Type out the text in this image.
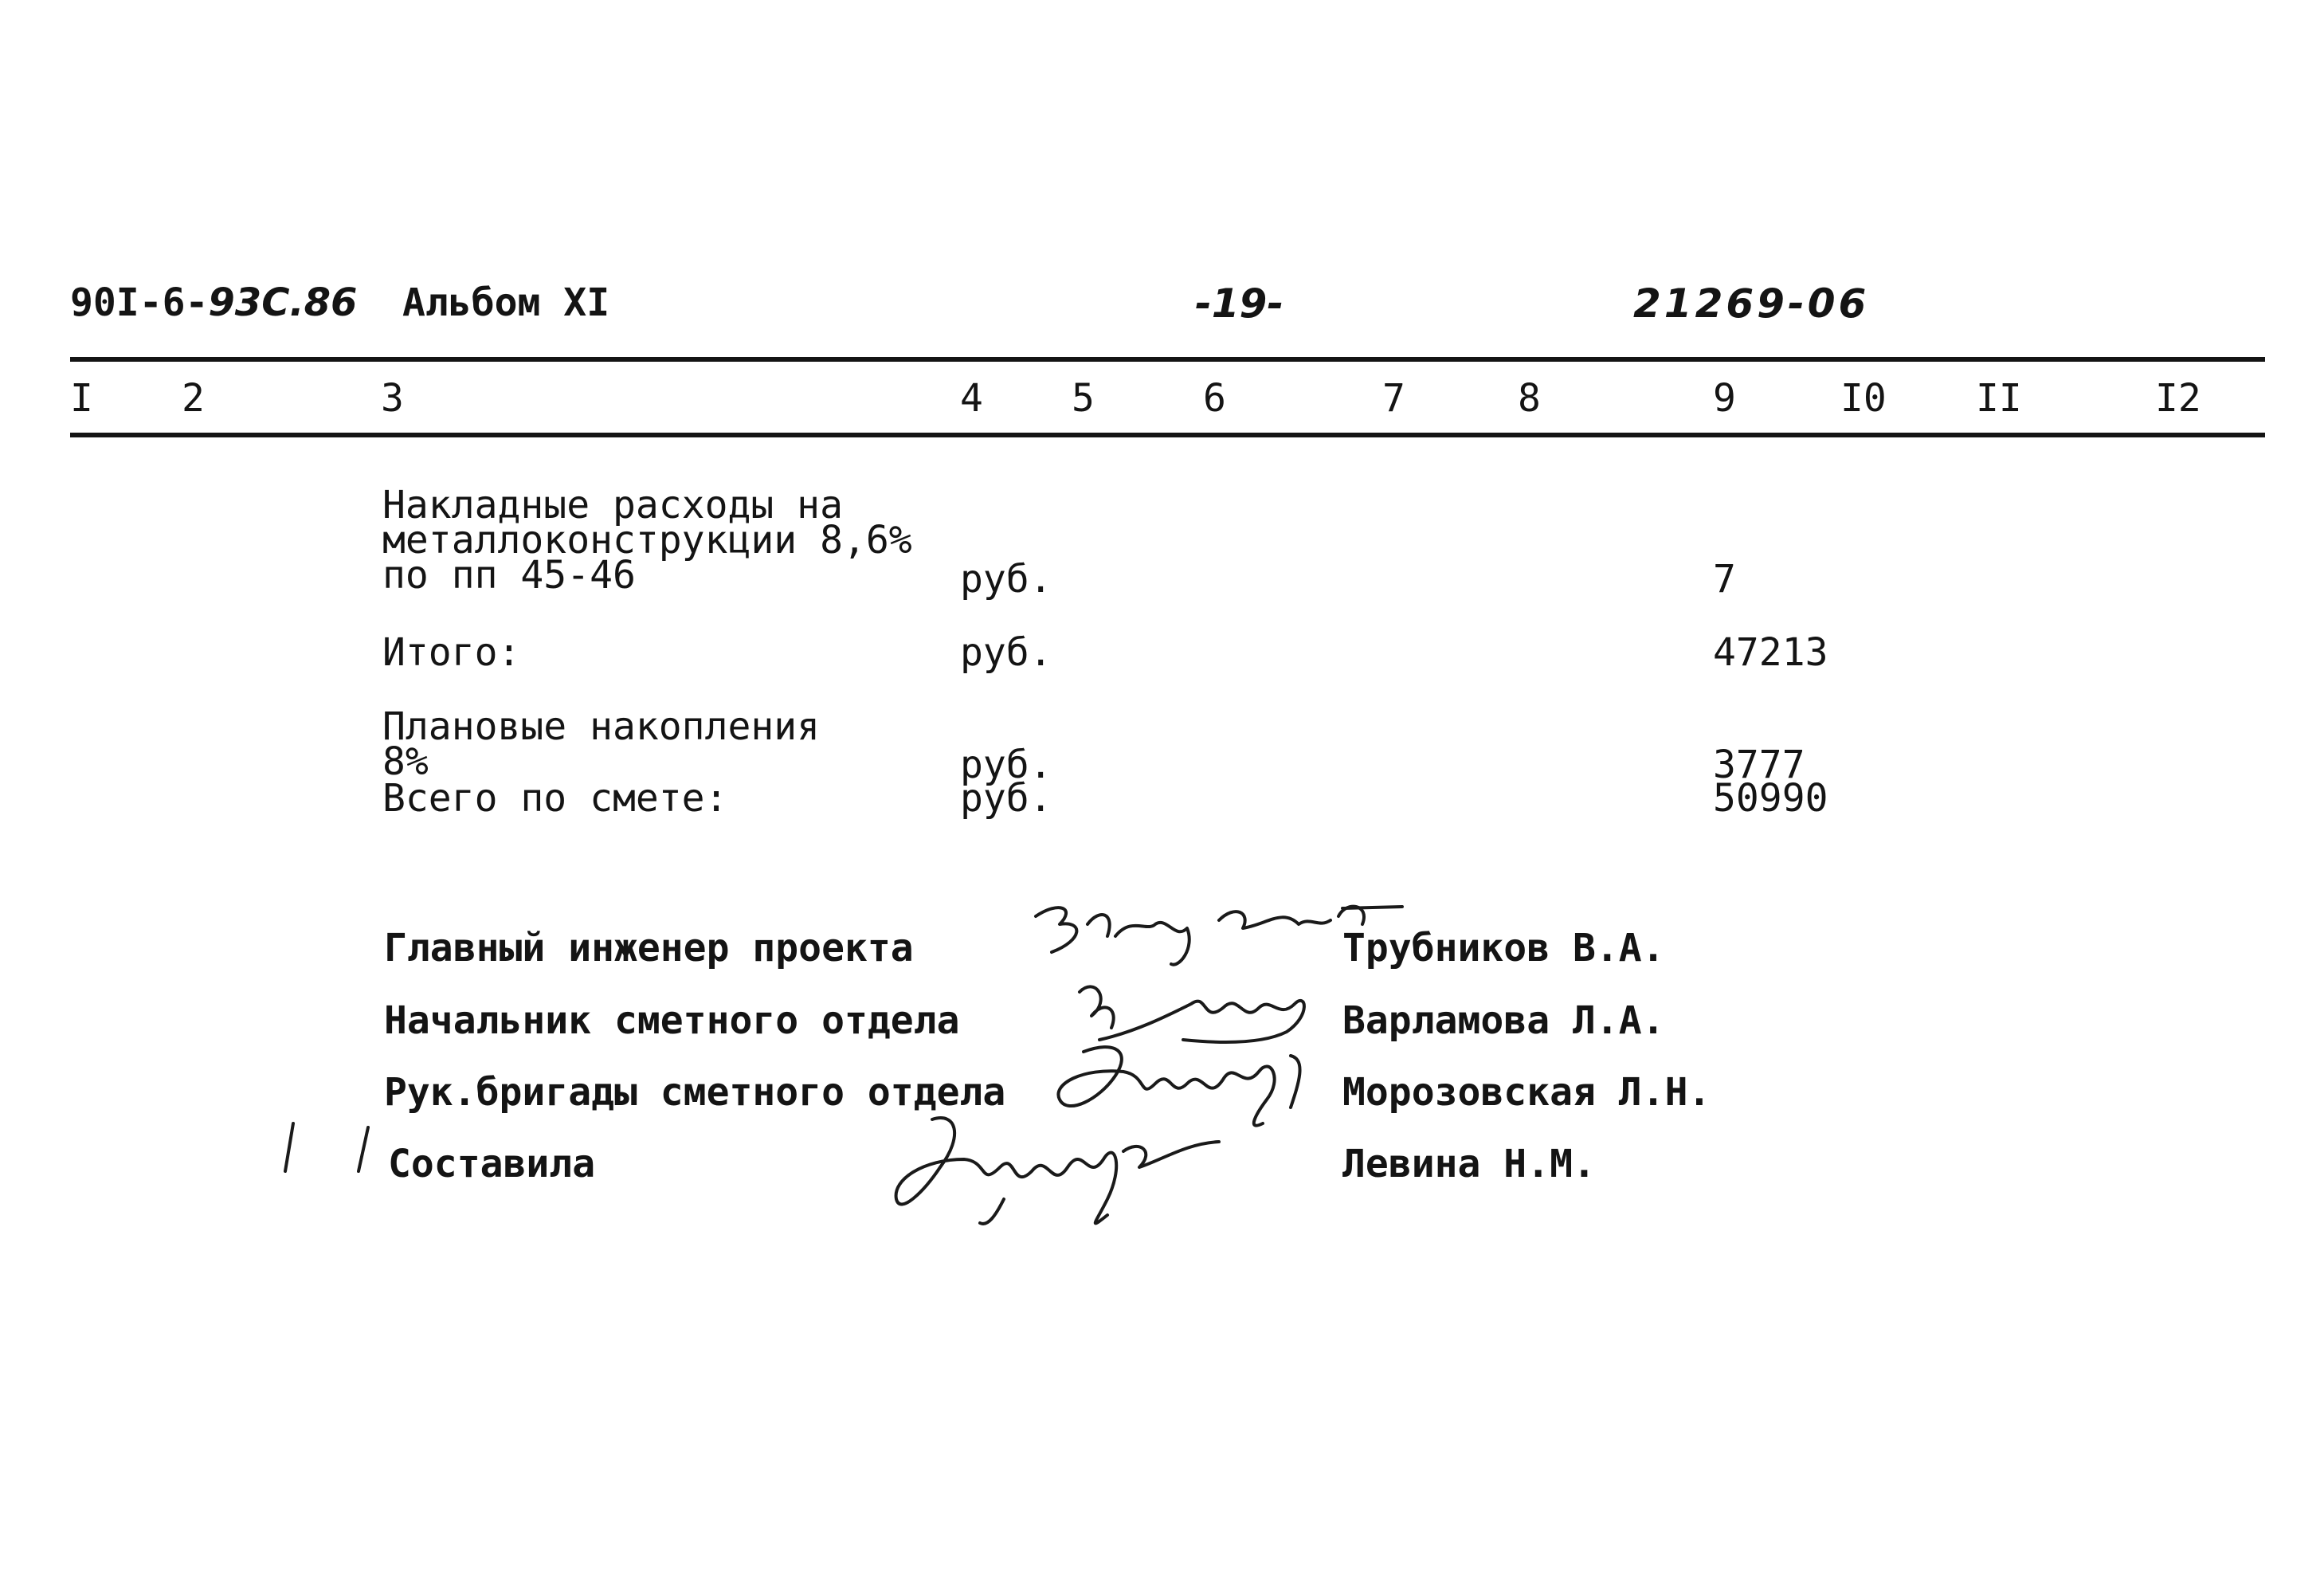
90I-6-93С.86 Альбом XI	-19-	21269-06
I 2	3	4 5	6	7	8	9	I0 II	I2
Накладные расходы на
металлоконструкции 8,6%
по пп 45-46	руб.	7
Итого:	руб.	47213
Плановые накопления
8%	руб.	3777
Всего по смете:	руб.	50990
Главный инженер проекта	Трубников В.А.
Начальник сметного отдела	Варламова Л.А.
Рук.бригады сметного отдела	Морозовская Л.Н.
Составила	Левина Н.М.
